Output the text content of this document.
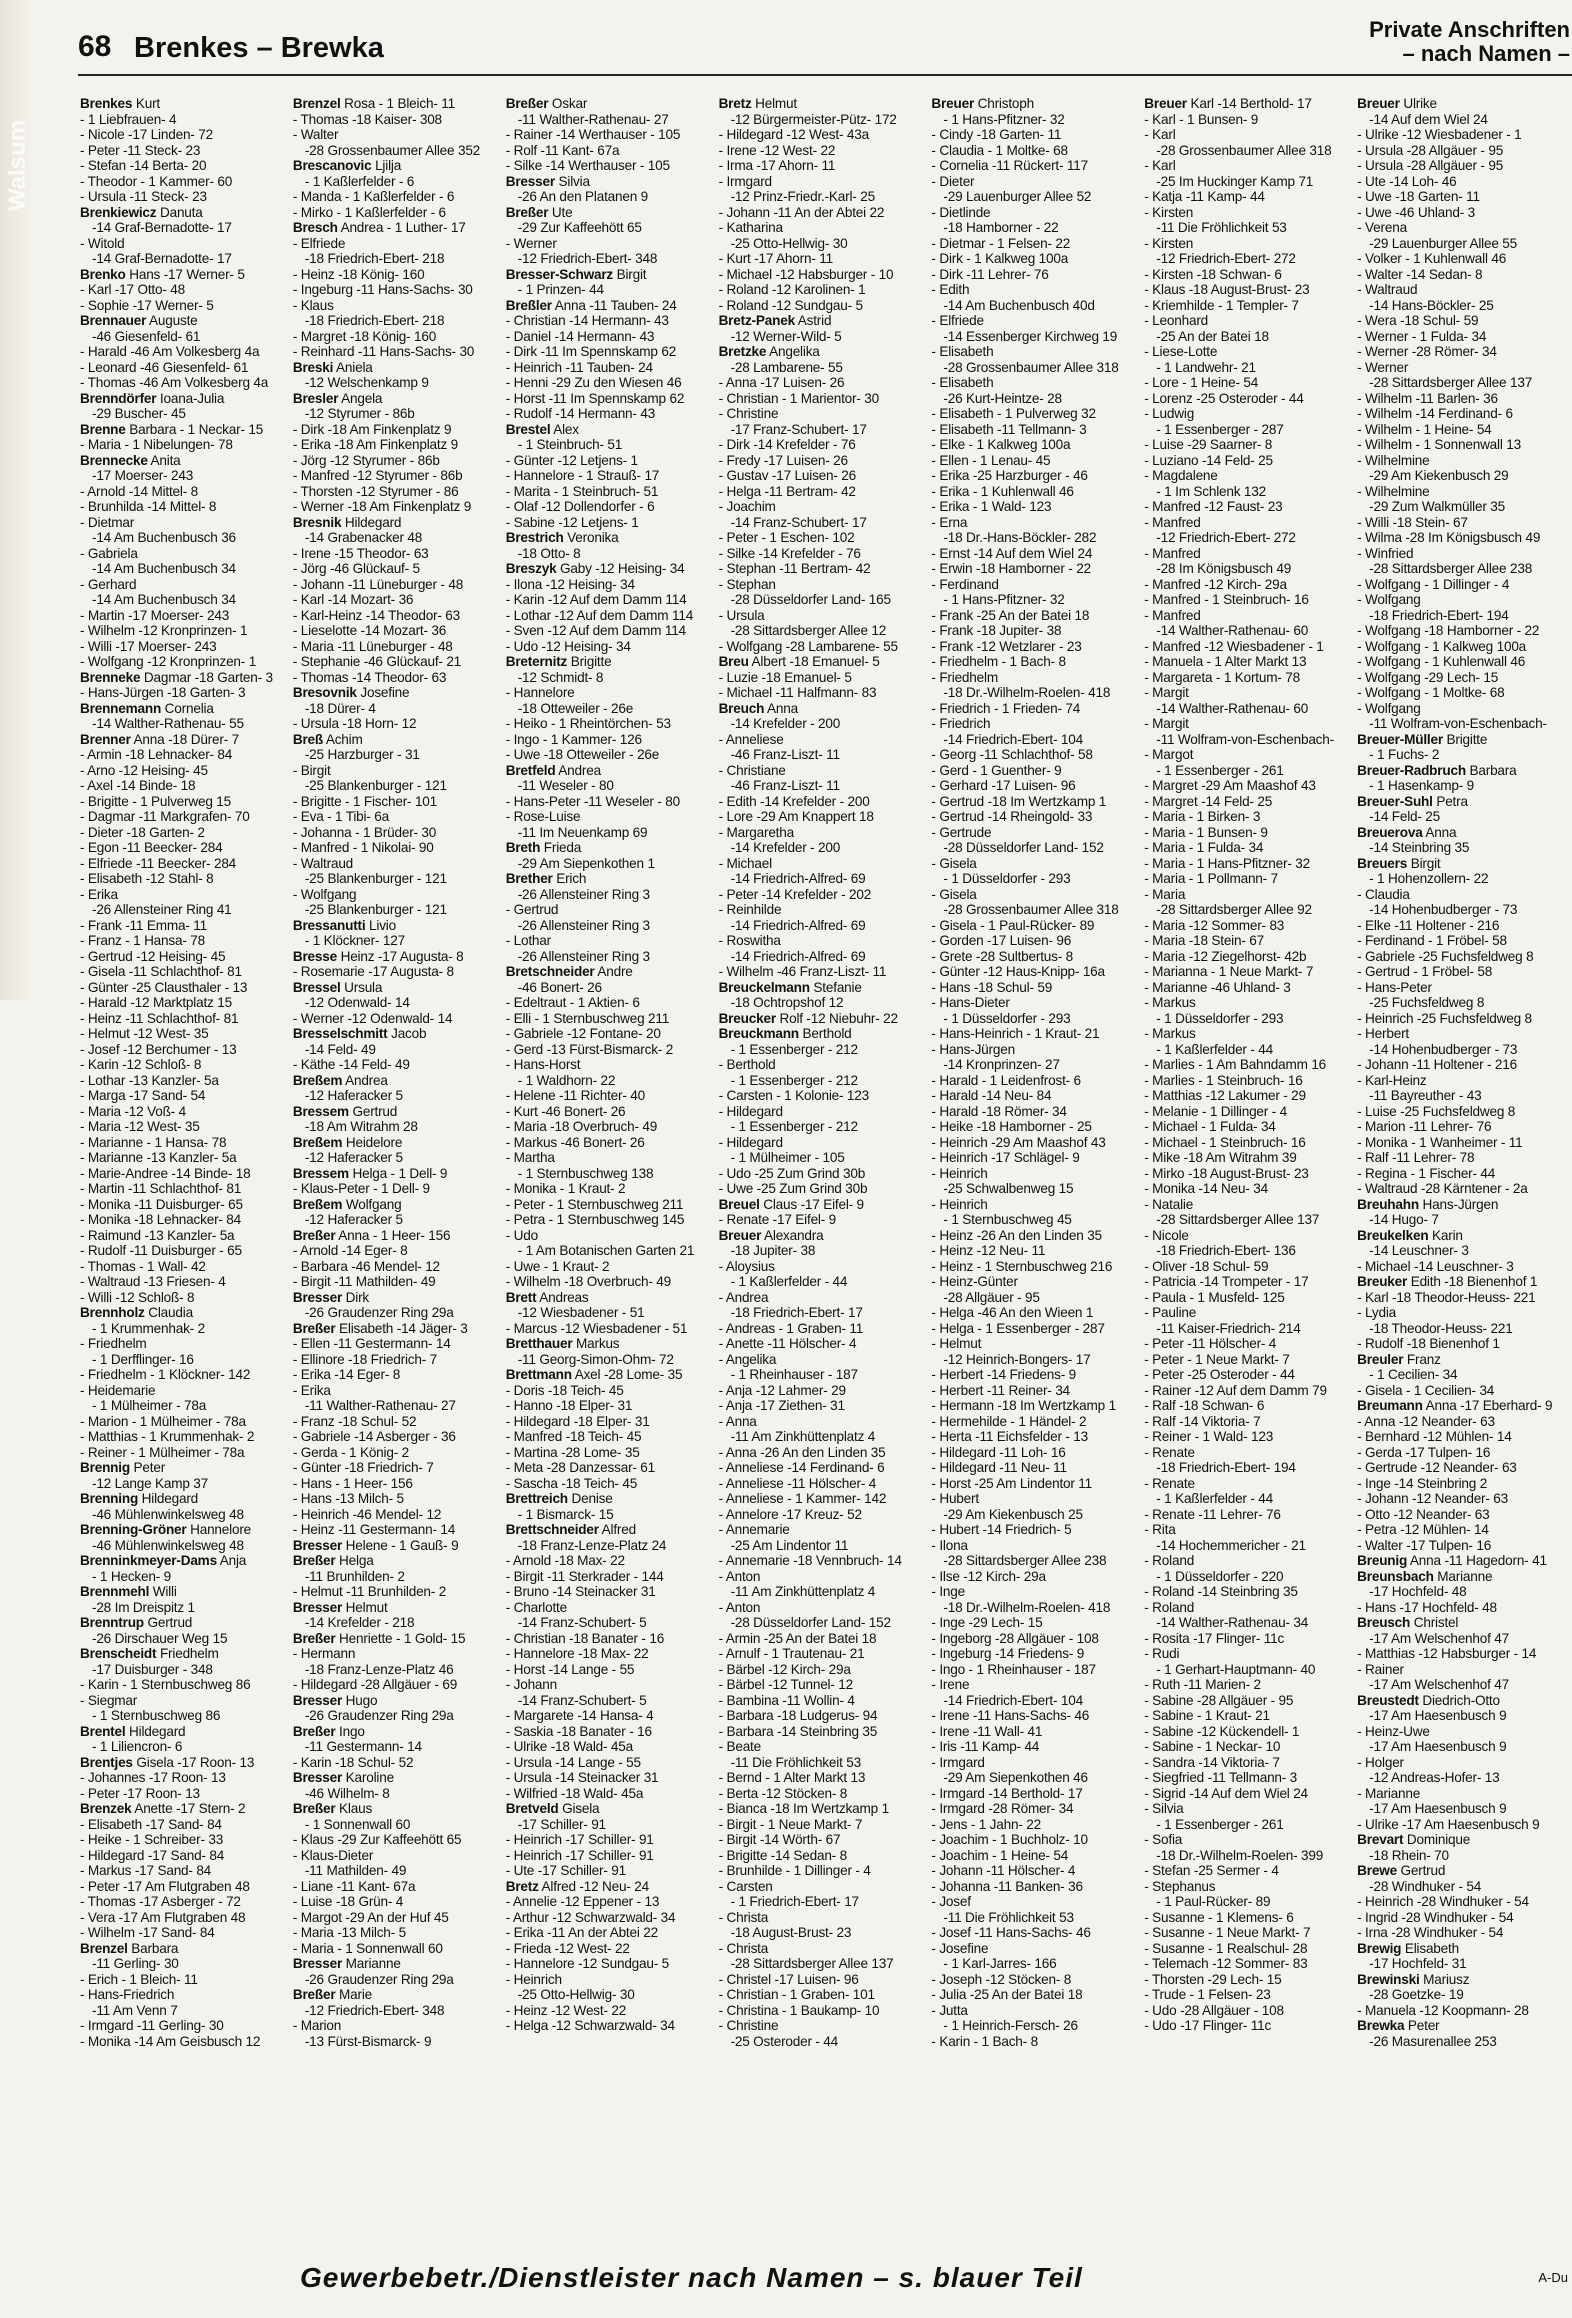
Walsum
68 Brenkes – Brewka
Private Anschriften
– nach Namen –
Brenkes Kurt
- 1 Liebfrauen- 4
- Nicole -17 Linden- 72
- Peter -11 Steck- 23
- Stefan -14 Berta- 20
- Theodor - 1 Kammer- 60
- Ursula -11 Steck- 23
Brenkiewicz Danuta
-14 Graf-Bernadotte- 17
- Witold
-14 Graf-Bernadotte- 17
Brenko Hans -17 Werner- 5
- Karl -17 Otto- 48
- Sophie -17 Werner- 5
Brennauer Auguste
-46 Giesenfeld- 61
- Harald -46 Am Volkesberg 4a
- Leonard -46 Giesenfeld- 61
- Thomas -46 Am Volkesberg 4a
Brenndörfer Ioana-Julia
-29 Buscher- 45
Brenne Barbara - 1 Neckar- 15
- Maria - 1 Nibelungen- 78
Brennecke Anita
-17 Moerser- 243
- Arnold -14 Mittel- 8
- Brunhilda -14 Mittel- 8
- Dietmar
-14 Am Buchenbusch 36
- Gabriela
-14 Am Buchenbusch 34
- Gerhard
-14 Am Buchenbusch 34
- Martin -17 Moerser- 243
- Wilhelm -12 Kronprinzen- 1
- Willi -17 Moerser- 243
- Wolfgang -12 Kronprinzen- 1
Brenneke Dagmar -18 Garten- 3
- Hans-Jürgen -18 Garten- 3
Brennemann Cornelia
-14 Walther-Rathenau- 55
Brenner Anna -18 Dürer- 7
- Armin -18 Lehnacker- 84
- Arno -12 Heising- 45
- Axel -14 Binde- 18
- Brigitte - 1 Pulverweg 15
- Dagmar -11 Markgrafen- 70
- Dieter -18 Garten- 2
- Egon -11 Beecker- 284
- Elfriede -11 Beecker- 284
- Elisabeth -12 Stahl- 8
- Erika
-26 Allensteiner Ring 41
- Frank -11 Emma- 11
- Franz - 1 Hansa- 78
- Gertrud -12 Heising- 45
- Gisela -11 Schlachthof- 81
- Günter -25 Clausthaler - 13
- Harald -12 Marktplatz 15
- Heinz -11 Schlachthof- 81
- Helmut -12 West- 35
- Josef -12 Berchumer - 13
- Karin -12 Schloß- 8
- Lothar -13 Kanzler- 5a
- Marga -17 Sand- 54
- Maria -12 Voß- 4
- Maria -12 West- 35
- Marianne - 1 Hansa- 78
- Marianne -13 Kanzler- 5a
- Marie-Andree -14 Binde- 18
- Martin -11 Schlachthof- 81
- Monika -11 Duisburger- 65
- Monika -18 Lehnacker- 84
- Raimund -13 Kanzler- 5a
- Rudolf -11 Duisburger - 65
- Thomas - 1 Wall- 42
- Waltraud -13 Friesen- 4
- Willi -12 Schloß- 8
Brennholz Claudia
- 1 Krummenhak- 2
- Friedhelm
- 1 Derfflinger- 16
- Friedhelm - 1 Klöckner- 142
- Heidemarie
- 1 Mülheimer - 78a
- Marion - 1 Mülheimer - 78a
- Matthias - 1 Krummenhak- 2
- Reiner - 1 Mülheimer - 78a
Brennig Peter
-12 Lange Kamp 37
Brenning Hildegard
-46 Mühlenwinkelsweg 48
Brenning-Gröner Hannelore
-46 Mühlenwinkelsweg 48
Brenninkmeyer-Dams Anja
- 1 Hecken- 9
Brennmehl Willi
-28 Im Dreispitz 1
Brenntrup Gertrud
-26 Dirschauer Weg 15
Brenscheidt Friedhelm
-17 Duisburger - 348
- Karin - 1 Sternbuschweg 86
- Siegmar
- 1 Sternbuschweg 86
Brentel Hildegard
- 1 Liliencron- 6
Brentjes Gisela -17 Roon- 13
- Johannes -17 Roon- 13
- Peter -17 Roon- 13
Brenzek Anette -17 Stern- 2
- Elisabeth -17 Sand- 84
- Heike - 1 Schreiber- 33
- Hildegard -17 Sand- 84
- Markus -17 Sand- 84
- Peter -17 Am Flutgraben 48
- Thomas -17 Asberger - 72
- Vera -17 Am Flutgraben 48
- Wilhelm -17 Sand- 84
Brenzel Barbara
-11 Gerling- 30
- Erich - 1 Bleich- 11
- Hans-Friedrich
-11 Am Venn 7
- Irmgard -11 Gerling- 30
- Monika -14 Am Geisbusch 12
Brenzel Rosa - 1 Bleich- 11
- Thomas -18 Kaiser- 308
- Walter
-28 Grossenbaumer Allee 352
Brescanovic Ljilja
- 1 Kaßlerfelder - 6
- Manda - 1 Kaßlerfelder - 6
- Mirko - 1 Kaßlerfelder - 6
Bresch Andrea - 1 Luther- 17
- Elfriede
-18 Friedrich-Ebert- 218
- Heinz -18 König- 160
- Ingeburg -11 Hans-Sachs- 30
- Klaus
-18 Friedrich-Ebert- 218
- Margret -18 König- 160
- Reinhard -11 Hans-Sachs- 30
Breski Aniela
-12 Welschenkamp 9
Bresler Angela
-12 Styrumer - 86b
- Dirk -18 Am Finkenplatz 9
- Erika -18 Am Finkenplatz 9
- Jörg -12 Styrumer - 86b
- Manfred -12 Styrumer - 86b
- Thorsten -12 Styrumer - 86
- Werner -18 Am Finkenplatz 9
Bresnik Hildegard
-14 Grabenacker 48
- Irene -15 Theodor- 63
- Jörg -46 Glückauf- 5
- Johann -11 Lüneburger - 48
- Karl -14 Mozart- 36
- Karl-Heinz -14 Theodor- 63
- Lieselotte -14 Mozart- 36
- Maria -11 Lüneburger - 48
- Stephanie -46 Glückauf- 21
- Thomas -14 Theodor- 63
Bresovnik Josefine
-18 Dürer- 4
- Ursula -18 Horn- 12
Breß Achim
-25 Harzburger - 31
- Birgit
-25 Blankenburger - 121
- Brigitte - 1 Fischer- 101
- Eva - 1 Tibi- 6a
- Johanna - 1 Brüder- 30
- Manfred - 1 Nikolai- 90
- Waltraud
-25 Blankenburger - 121
- Wolfgang
-25 Blankenburger - 121
Bressanutti Livio
- 1 Klöckner- 127
Bresse Heinz -17 Augusta- 8
- Rosemarie -17 Augusta- 8
Bressel Ursula
-12 Odenwald- 14
- Werner -12 Odenwald- 14
Bresselschmitt Jacob
-14 Feld- 49
- Käthe -14 Feld- 49
Breßem Andrea
-12 Haferacker 5
Bressem Gertrud
-18 Am Witrahm 28
Breßem Heidelore
-12 Haferacker 5
Bressem Helga - 1 Dell- 9
- Klaus-Peter - 1 Dell- 9
Breßem Wolfgang
-12 Haferacker 5
Breßer Anna - 1 Heer- 156
- Arnold -14 Eger- 8
- Barbara -46 Mendel- 12
- Birgit -11 Mathilden- 49
Bresser Dirk
-26 Graudenzer Ring 29a
Breßer Elisabeth -14 Jäger- 3
- Ellen -11 Gestermann- 14
- Ellinore -18 Friedrich- 7
- Erika -14 Eger- 8
- Erika
-11 Walther-Rathenau- 27
- Franz -18 Schul- 52
- Gabriele -14 Asberger - 36
- Gerda - 1 König- 2
- Günter -18 Friedrich- 7
- Hans - 1 Heer- 156
- Hans -13 Milch- 5
- Heinrich -46 Mendel- 12
- Heinz -11 Gestermann- 14
Bresser Helene - 1 Gauß- 9
Breßer Helga
-11 Brunhilden- 2
- Helmut -11 Brunhilden- 2
Bresser Helmut
-14 Krefelder - 218
Breßer Henriette - 1 Gold- 15
- Hermann
-18 Franz-Lenze-Platz 46
- Hildegard -28 Allgäuer - 69
Bresser Hugo
-26 Graudenzer Ring 29a
Breßer Ingo
-11 Gestermann- 14
- Karin -18 Schul- 52
Bresser Karoline
-46 Wilhelm- 8
Breßer Klaus
- 1 Sonnenwall 60
- Klaus -29 Zur Kaffeehött 65
- Klaus-Dieter
-11 Mathilden- 49
- Liane -11 Kant- 67a
- Luise -18 Grün- 4
- Margot -29 An der Huf 45
- Maria -13 Milch- 5
- Maria - 1 Sonnenwall 60
Bresser Marianne
-26 Graudenzer Ring 29a
Breßer Marie
-12 Friedrich-Ebert- 348
- Marion
-13 Fürst-Bismarck- 9
Breßer Oskar
-11 Walther-Rathenau- 27
- Rainer -14 Werthauser - 105
- Rolf -11 Kant- 67a
- Silke -14 Werthauser - 105
Bresser Silvia
-26 An den Platanen 9
Breßer Ute
-29 Zur Kaffeehött 65
- Werner
-12 Friedrich-Ebert- 348
Bresser-Schwarz Birgit
- 1 Prinzen- 44
Breßler Anna -11 Tauben- 24
- Christian -14 Hermann- 43
- Daniel -14 Hermann- 43
- Dirk -11 Im Spennskamp 62
- Heinrich -11 Tauben- 24
- Henni -29 Zu den Wiesen 46
- Horst -11 Im Spennskamp 62
- Rudolf -14 Hermann- 43
Brestel Alex
- 1 Steinbruch- 51
- Günter -12 Letjens- 1
- Hannelore - 1 Strauß- 17
- Marita - 1 Steinbruch- 51
- Olaf -12 Dollendorfer - 6
- Sabine -12 Letjens- 1
Brestrich Veronika
-18 Otto- 8
Breszyk Gaby -12 Heising- 34
- Ilona -12 Heising- 34
- Karin -12 Auf dem Damm 114
- Lothar -12 Auf dem Damm 114
- Sven -12 Auf dem Damm 114
- Udo -12 Heising- 34
Breternitz Brigitte
-12 Schmidt- 8
- Hannelore
-18 Otteweiler - 26e
- Heiko - 1 Rheintörchen- 53
- Ingo - 1 Kammer- 126
- Uwe -18 Otteweiler - 26e
Bretfeld Andrea
-11 Weseler - 80
- Hans-Peter -11 Weseler - 80
- Rose-Luise
-11 Im Neuenkamp 69
Breth Frieda
-29 Am Siepenkothen 1
Brether Erich
-26 Allensteiner Ring 3
- Gertrud
-26 Allensteiner Ring 3
- Lothar
-26 Allensteiner Ring 3
Bretschneider Andre
-46 Bonert- 26
- Edeltraut - 1 Aktien- 6
- Elli - 1 Sternbuschweg 211
- Gabriele -12 Fontane- 20
- Gerd -13 Fürst-Bismarck- 2
- Hans-Horst
- 1 Waldhorn- 22
- Helene -11 Richter- 40
- Kurt -46 Bonert- 26
- Maria -18 Overbruch- 49
- Markus -46 Bonert- 26
- Martha
- 1 Sternbuschweg 138
- Monika - 1 Kraut- 2
- Peter - 1 Sternbuschweg 211
- Petra - 1 Sternbuschweg 145
- Udo
- 1 Am Botanischen Garten 21
- Uwe - 1 Kraut- 2
- Wilhelm -18 Overbruch- 49
Brett Andreas
-12 Wiesbadener - 51
- Marcus -12 Wiesbadener - 51
Bretthauer Markus
-11 Georg-Simon-Ohm- 72
Brettmann Axel -28 Lome- 35
- Doris -18 Teich- 45
- Hanno -18 Elper- 31
- Hildegard -18 Elper- 31
- Manfred -18 Teich- 45
- Martina -28 Lome- 35
- Meta -28 Danzessar- 61
- Sascha -18 Teich- 45
Brettreich Denise
- 1 Bismarck- 15
Brettschneider Alfred
-18 Franz-Lenze-Platz 24
- Arnold -18 Max- 22
- Birgit -11 Sterkrader - 144
- Bruno -14 Steinacker 31
- Charlotte
-14 Franz-Schubert- 5
- Christian -18 Banater - 16
- Hannelore -18 Max- 22
- Horst -14 Lange - 55
- Johann
-14 Franz-Schubert- 5
- Margarete -14 Hansa- 4
- Saskia -18 Banater - 16
- Ulrike -18 Wald- 45a
- Ursula -14 Lange - 55
- Ursula -14 Steinacker 31
- Wilfried -18 Wald- 45a
Bretveld Gisela
-17 Schiller- 91
- Heinrich -17 Schiller- 91
- Heinrich -17 Schiller- 91
- Ute -17 Schiller- 91
Bretz Alfred -12 Neu- 24
- Annelie -12 Eppener - 13
- Arthur -12 Schwarzwald- 34
- Erika -11 An der Abtei 22
- Frieda -12 West- 22
- Hannelore -12 Sundgau- 5
- Heinrich
-25 Otto-Hellwig- 30
- Heinz -12 West- 22
- Helga -12 Schwarzwald- 34
Bretz Helmut
-12 Bürgermeister-Pütz- 172
- Hildegard -12 West- 43a
- Irene -12 West- 22
- Irma -17 Ahorn- 11
- Irmgard
-12 Prinz-Friedr.-Karl- 25
- Johann -11 An der Abtei 22
- Katharina
-25 Otto-Hellwig- 30
- Kurt -17 Ahorn- 11
- Michael -12 Habsburger - 10
- Roland -12 Karolinen- 1
- Roland -12 Sundgau- 5
Bretz-Panek Astrid
-12 Werner-Wild- 5
Bretzke Angelika
-28 Lambarene- 55
- Anna -17 Luisen- 26
- Christian - 1 Marientor- 30
- Christine
-17 Franz-Schubert- 17
- Dirk -14 Krefelder - 76
- Fredy -17 Luisen- 26
- Gustav -17 Luisen- 26
- Helga -11 Bertram- 42
- Joachim
-14 Franz-Schubert- 17
- Peter - 1 Eschen- 102
- Silke -14 Krefelder - 76
- Stephan -11 Bertram- 42
- Stephan
-28 Düsseldorfer Land- 165
- Ursula
-28 Sittardsberger Allee 12
- Wolfgang -28 Lambarene- 55
Breu Albert -18 Emanuel- 5
- Luzie -18 Emanuel- 5
- Michael -11 Halfmann- 83
Breuch Anna
-14 Krefelder - 200
- Anneliese
-46 Franz-Liszt- 11
- Christiane
-46 Franz-Liszt- 11
- Edith -14 Krefelder - 200
- Lore -29 Am Knappert 18
- Margaretha
-14 Krefelder - 200
- Michael
-14 Friedrich-Alfred- 69
- Peter -14 Krefelder - 202
- Reinhilde
-14 Friedrich-Alfred- 69
- Roswitha
-14 Friedrich-Alfred- 69
- Wilhelm -46 Franz-Liszt- 11
Breuckelmann Stefanie
-18 Ochtropshof 12
Breucker Rolf -12 Niebuhr- 22
Breuckmann Berthold
- 1 Essenberger - 212
- Berthold
- 1 Essenberger - 212
- Carsten - 1 Kolonie- 123
- Hildegard
- 1 Essenberger - 212
- Hildegard
- 1 Mülheimer - 105
- Udo -25 Zum Grind 30b
- Uwe -25 Zum Grind 30b
Breuel Claus -17 Eifel- 9
- Renate -17 Eifel- 9
Breuer Alexandra
-18 Jupiter- 38
- Aloysius
- 1 Kaßlerfelder - 44
- Andrea
-18 Friedrich-Ebert- 17
- Andreas - 1 Graben- 11
- Anette -11 Hölscher- 4
- Angelika
- 1 Rheinhauser - 187
- Anja -12 Lahmer- 29
- Anja -17 Ziethen- 31
- Anna
-11 Am Zinkhüttenplatz 4
- Anna -26 An den Linden 35
- Anneliese -14 Ferdinand- 6
- Anneliese -11 Hölscher- 4
- Anneliese - 1 Kammer- 142
- Annelore -17 Kreuz- 52
- Annemarie
-25 Am Lindentor 11
- Annemarie -18 Vennbruch- 14
- Anton
-11 Am Zinkhüttenplatz 4
- Anton
-28 Düsseldorfer Land- 152
- Armin -25 An der Batei 18
- Arnulf - 1 Trautenau- 21
- Bärbel -12 Kirch- 29a
- Bärbel -12 Tunnel- 12
- Bambina -11 Wollin- 4
- Barbara -18 Ludgerus- 94
- Barbara -14 Steinbring 35
- Beate
-11 Die Fröhlichkeit 53
- Bernd - 1 Alter Markt 13
- Berta -12 Stöcken- 8
- Bianca -18 Im Wertzkamp 1
- Birgit - 1 Neue Markt- 7
- Birgit -14 Wörth- 67
- Brigitte -14 Sedan- 8
- Brunhilde - 1 Dillinger - 4
- Carsten
- 1 Friedrich-Ebert- 17
- Christa
-18 August-Brust- 23
- Christa
-28 Sittardsberger Allee 137
- Christel -17 Luisen- 96
- Christian - 1 Graben- 101
- Christina - 1 Baukamp- 10
- Christine
-25 Osteroder - 44
Breuer Christoph
- 1 Hans-Pfitzner- 32
- Cindy -18 Garten- 11
- Claudia - 1 Moltke- 68
- Cornelia -11 Rückert- 117
- Dieter
-29 Lauenburger Allee 52
- Dietlinde
-18 Hamborner - 22
- Dietmar - 1 Felsen- 22
- Dirk - 1 Kalkweg 100a
- Dirk -11 Lehrer- 76
- Edith
-14 Am Buchenbusch 40d
- Elfriede
-14 Essenberger Kirchweg 19
- Elisabeth
-28 Grossenbaumer Allee 318
- Elisabeth
-26 Kurt-Heintze- 28
- Elisabeth - 1 Pulverweg 32
- Elisabeth -11 Tellmann- 3
- Elke - 1 Kalkweg 100a
- Ellen - 1 Lenau- 45
- Erika -25 Harzburger - 46
- Erika - 1 Kuhlenwall 46
- Erika - 1 Wald- 123
- Erna
-18 Dr.-Hans-Böckler- 282
- Ernst -14 Auf dem Wiel 24
- Erwin -18 Hamborner - 22
- Ferdinand
- 1 Hans-Pfitzner- 32
- Frank -25 An der Batei 18
- Frank -18 Jupiter- 38
- Frank -12 Wetzlarer - 23
- Friedhelm - 1 Bach- 8
- Friedhelm
-18 Dr.-Wilhelm-Roelen- 418
- Friedrich - 1 Frieden- 74
- Friedrich
-14 Friedrich-Ebert- 104
- Georg -11 Schlachthof- 58
- Gerd - 1 Guenther- 9
- Gerhard -17 Luisen- 96
- Gertrud -18 Im Wertzkamp 1
- Gertrud -14 Rheingold- 33
- Gertrude
-28 Düsseldorfer Land- 152
- Gisela
- 1 Düsseldorfer - 293
- Gisela
-28 Grossenbaumer Allee 318
- Gisela - 1 Paul-Rücker- 89
- Gorden -17 Luisen- 96
- Grete -28 Sultbertus- 8
- Günter -12 Haus-Knipp- 16a
- Hans -18 Schul- 59
- Hans-Dieter
- 1 Düsseldorfer - 293
- Hans-Heinrich - 1 Kraut- 21
- Hans-Jürgen
-14 Kronprinzen- 27
- Harald - 1 Leidenfrost- 6
- Harald -14 Neu- 84
- Harald -18 Römer- 34
- Heike -18 Hamborner - 25
- Heinrich -29 Am Maashof 43
- Heinrich -17 Schlägel- 9
- Heinrich
-25 Schwalbenweg 15
- Heinrich
- 1 Sternbuschweg 45
- Heinz -26 An den Linden 35
- Heinz -12 Neu- 11
- Heinz - 1 Sternbuschweg 216
- Heinz-Günter
-28 Allgäuer - 95
- Helga -46 An den Wieen 1
- Helga - 1 Essenberger - 287
- Helmut
-12 Heinrich-Bongers- 17
- Herbert -14 Friedens- 9
- Herbert -11 Reiner- 34
- Hermann -18 Im Wertzkamp 1
- Hermehilde - 1 Händel- 2
- Herta -11 Eichsfelder - 13
- Hildegard -11 Loh- 16
- Hildegard -11 Neu- 11
- Horst -25 Am Lindentor 11
- Hubert
-29 Am Kiekenbusch 25
- Hubert -14 Friedrich- 5
- Ilona
-28 Sittardsberger Allee 238
- Ilse -12 Kirch- 29a
- Inge
-18 Dr.-Wilhelm-Roelen- 418
- Inge -29 Lech- 15
- Ingeborg -28 Allgäuer - 108
- Ingeburg -14 Friedens- 9
- Ingo - 1 Rheinhauser - 187
- Irene
-14 Friedrich-Ebert- 104
- Irene -11 Hans-Sachs- 46
- Irene -11 Wall- 41
- Iris -11 Kamp- 44
- Irmgard
-29 Am Siepenkothen 46
- Irmgard -14 Berthold- 17
- Irmgard -28 Römer- 34
- Jens - 1 Jahn- 22
- Joachim - 1 Buchholz- 10
- Joachim - 1 Heine- 54
- Johann -11 Hölscher- 4
- Johanna -11 Banken- 36
- Josef
-11 Die Fröhlichkeit 53
- Josef -11 Hans-Sachs- 46
- Josefine
- 1 Karl-Jarres- 166
- Joseph -12 Stöcken- 8
- Julia -25 An der Batei 18
- Jutta
- 1 Heinrich-Fersch- 26
- Karin - 1 Bach- 8
Breuer Karl -14 Berthold- 17
- Karl - 1 Bunsen- 9
- Karl
-28 Grossenbaumer Allee 318
- Karl
-25 Im Huckinger Kamp 71
- Katja -11 Kamp- 44
- Kirsten
-11 Die Fröhlichkeit 53
- Kirsten
-12 Friedrich-Ebert- 272
- Kirsten -18 Schwan- 6
- Klaus -18 August-Brust- 23
- Kriemhilde - 1 Templer- 7
- Leonhard
-25 An der Batei 18
- Liese-Lotte
- 1 Landwehr- 21
- Lore - 1 Heine- 54
- Lorenz -25 Osteroder - 44
- Ludwig
- 1 Essenberger - 287
- Luise -29 Saarner- 8
- Luziano -14 Feld- 25
- Magdalene
- 1 Im Schlenk 132
- Manfred -12 Faust- 23
- Manfred
-12 Friedrich-Ebert- 272
- Manfred
-28 Im Königsbusch 49
- Manfred -12 Kirch- 29a
- Manfred - 1 Steinbruch- 16
- Manfred
-14 Walther-Rathenau- 60
- Manfred -12 Wiesbadener - 1
- Manuela - 1 Alter Markt 13
- Margareta - 1 Kortum- 78
- Margit
-14 Walther-Rathenau- 60
- Margit
-11 Wolfram-von-Eschenbach-
- Margot
- 1 Essenberger - 261
- Margret -29 Am Maashof 43
- Margret -14 Feld- 25
- Maria - 1 Birken- 3
- Maria - 1 Bunsen- 9
- Maria - 1 Fulda- 34
- Maria - 1 Hans-Pfitzner- 32
- Maria - 1 Pollmann- 7
- Maria
-28 Sittardsberger Allee 92
- Maria -12 Sommer- 83
- Maria -18 Stein- 67
- Maria -12 Ziegelhorst- 42b
- Marianna - 1 Neue Markt- 7
- Marianne -46 Uhland- 3
- Markus
- 1 Düsseldorfer - 293
- Markus
- 1 Kaßlerfelder - 44
- Marlies - 1 Am Bahndamm 16
- Marlies - 1 Steinbruch- 16
- Matthias -12 Lakumer - 29
- Melanie - 1 Dillinger - 4
- Michael - 1 Fulda- 34
- Michael - 1 Steinbruch- 16
- Mike -18 Am Witrahm 39
- Mirko -18 August-Brust- 23
- Monika -14 Neu- 34
- Natalie
-28 Sittardsberger Allee 137
- Nicole
-18 Friedrich-Ebert- 136
- Oliver -18 Schul- 59
- Patricia -14 Trompeter - 17
- Paula - 1 Musfeld- 125
- Pauline
-11 Kaiser-Friedrich- 214
- Peter -11 Hölscher- 4
- Peter - 1 Neue Markt- 7
- Peter -25 Osteroder - 44
- Rainer -12 Auf dem Damm 79
- Ralf -18 Schwan- 6
- Ralf -14 Viktoria- 7
- Reiner - 1 Wald- 123
- Renate
-18 Friedrich-Ebert- 194
- Renate
- 1 Kaßlerfelder - 44
- Renate -11 Lehrer- 76
- Rita
-14 Hochemmericher - 21
- Roland
- 1 Düsseldorfer - 220
- Roland -14 Steinbring 35
- Roland
-14 Walther-Rathenau- 34
- Rosita -17 Flinger- 11c
- Rudi
- 1 Gerhart-Hauptmann- 40
- Ruth -11 Marien- 2
- Sabine -28 Allgäuer - 95
- Sabine - 1 Kraut- 21
- Sabine -12 Kückendell- 1
- Sabine - 1 Neckar- 10
- Sandra -14 Viktoria- 7
- Siegfried -11 Tellmann- 3
- Sigrid -14 Auf dem Wiel 24
- Silvia
- 1 Essenberger - 261
- Sofia
-18 Dr.-Wilhelm-Roelen- 399
- Stefan -25 Sermer - 4
- Stephanus
- 1 Paul-Rücker- 89
- Susanne - 1 Klemens- 6
- Susanne - 1 Neue Markt- 7
- Susanne - 1 Realschul- 28
- Telemach -12 Sommer- 83
- Thorsten -29 Lech- 15
- Trude - 1 Felsen- 23
- Udo -28 Allgäuer - 108
- Udo -17 Flinger- 11c
Breuer Ulrike
-14 Auf dem Wiel 24
- Ulrike -12 Wiesbadener - 1
- Ursula -28 Allgäuer - 95
- Ursula -28 Allgäuer - 95
- Ute -14 Loh- 46
- Uwe -18 Garten- 11
- Uwe -46 Uhland- 3
- Verena
-29 Lauenburger Allee 55
- Volker - 1 Kuhlenwall 46
- Walter -14 Sedan- 8
- Waltraud
-14 Hans-Böckler- 25
- Wera -18 Schul- 59
- Werner - 1 Fulda- 34
- Werner -28 Römer- 34
- Werner
-28 Sittardsberger Allee 137
- Wilhelm -11 Barlen- 36
- Wilhelm -14 Ferdinand- 6
- Wilhelm - 1 Heine- 54
- Wilhelm - 1 Sonnenwall 13
- Wilhelmine
-29 Am Kiekenbusch 29
- Wilhelmine
-29 Zum Walkmüller 35
- Willi -18 Stein- 67
- Wilma -28 Im Königsbusch 49
- Winfried
-28 Sittardsberger Allee 238
- Wolfgang - 1 Dillinger - 4
- Wolfgang
-18 Friedrich-Ebert- 194
- Wolfgang -18 Hamborner - 22
- Wolfgang - 1 Kalkweg 100a
- Wolfgang - 1 Kuhlenwall 46
- Wolfgang -29 Lech- 15
- Wolfgang - 1 Moltke- 68
- Wolfgang
-11 Wolfram-von-Eschenbach-
Breuer-Müller Brigitte
- 1 Fuchs- 2
Breuer-Radbruch Barbara
- 1 Hasenkamp- 9
Breuer-Suhl Petra
-14 Feld- 25
Breuerova Anna
-14 Steinbring 35
Breuers Birgit
- 1 Hohenzollern- 22
- Claudia
-14 Hohenbudberger - 73
- Elke -11 Holtener - 216
- Ferdinand - 1 Fröbel- 58
- Gabriele -25 Fuchsfeldweg 8
- Gertrud - 1 Fröbel- 58
- Hans-Peter
-25 Fuchsfeldweg 8
- Heinrich -25 Fuchsfeldweg 8
- Herbert
-14 Hohenbudberger - 73
- Johann -11 Holtener - 216
- Karl-Heinz
-11 Bayreuther - 43
- Luise -25 Fuchsfeldweg 8
- Marion -11 Lehrer- 76
- Monika - 1 Wanheimer - 11
- Ralf -11 Lehrer- 78
- Regina - 1 Fischer- 44
- Waltraud -28 Kärntener - 2a
Breuhahn Hans-Jürgen
-14 Hugo- 7
Breukelken Karin
-14 Leuschner- 3
- Michael -14 Leuschner- 3
Breuker Edith -18 Bienenhof 1
- Karl -18 Theodor-Heuss- 221
- Lydia
-18 Theodor-Heuss- 221
- Rudolf -18 Bienenhof 1
Breuler Franz
- 1 Cecilien- 34
- Gisela - 1 Cecilien- 34
Breumann Anna -17 Eberhard- 9
- Anna -12 Neander- 63
- Bernhard -12 Mühlen- 14
- Gerda -17 Tulpen- 16
- Gertrude -12 Neander- 63
- Inge -14 Steinbring 2
- Johann -12 Neander- 63
- Otto -12 Neander- 63
- Petra -12 Mühlen- 14
- Walter -17 Tulpen- 16
Breunig Anna -11 Hagedorn- 41
Breunsbach Marianne
-17 Hochfeld- 48
- Hans -17 Hochfeld- 48
Breusch Christel
-17 Am Welschenhof 47
- Matthias -12 Habsburger - 14
- Rainer
-17 Am Welschenhof 47
Breustedt Diedrich-Otto
-17 Am Haesenbusch 9
- Heinz-Uwe
-17 Am Haesenbusch 9
- Holger
-12 Andreas-Hofer- 13
- Marianne
-17 Am Haesenbusch 9
- Ulrike -17 Am Haesenbusch 9
Brevart Dominique
-18 Rhein- 70
Brewe Gertrud
-28 Windhuker - 54
- Heinrich -28 Windhuker - 54
- Ingrid -28 Windhuker - 54
- Irna -28 Windhuker - 54
Brewig Elisabeth
-17 Hochfeld- 31
Brewinski Mariusz
-28 Goetzke- 19
- Manuela -12 Koopmann- 28
Brewka Peter
-26 Masurenallee 253
Gewerbebetr./Dienstleister nach Namen – s. blauer Teil	A-Du
